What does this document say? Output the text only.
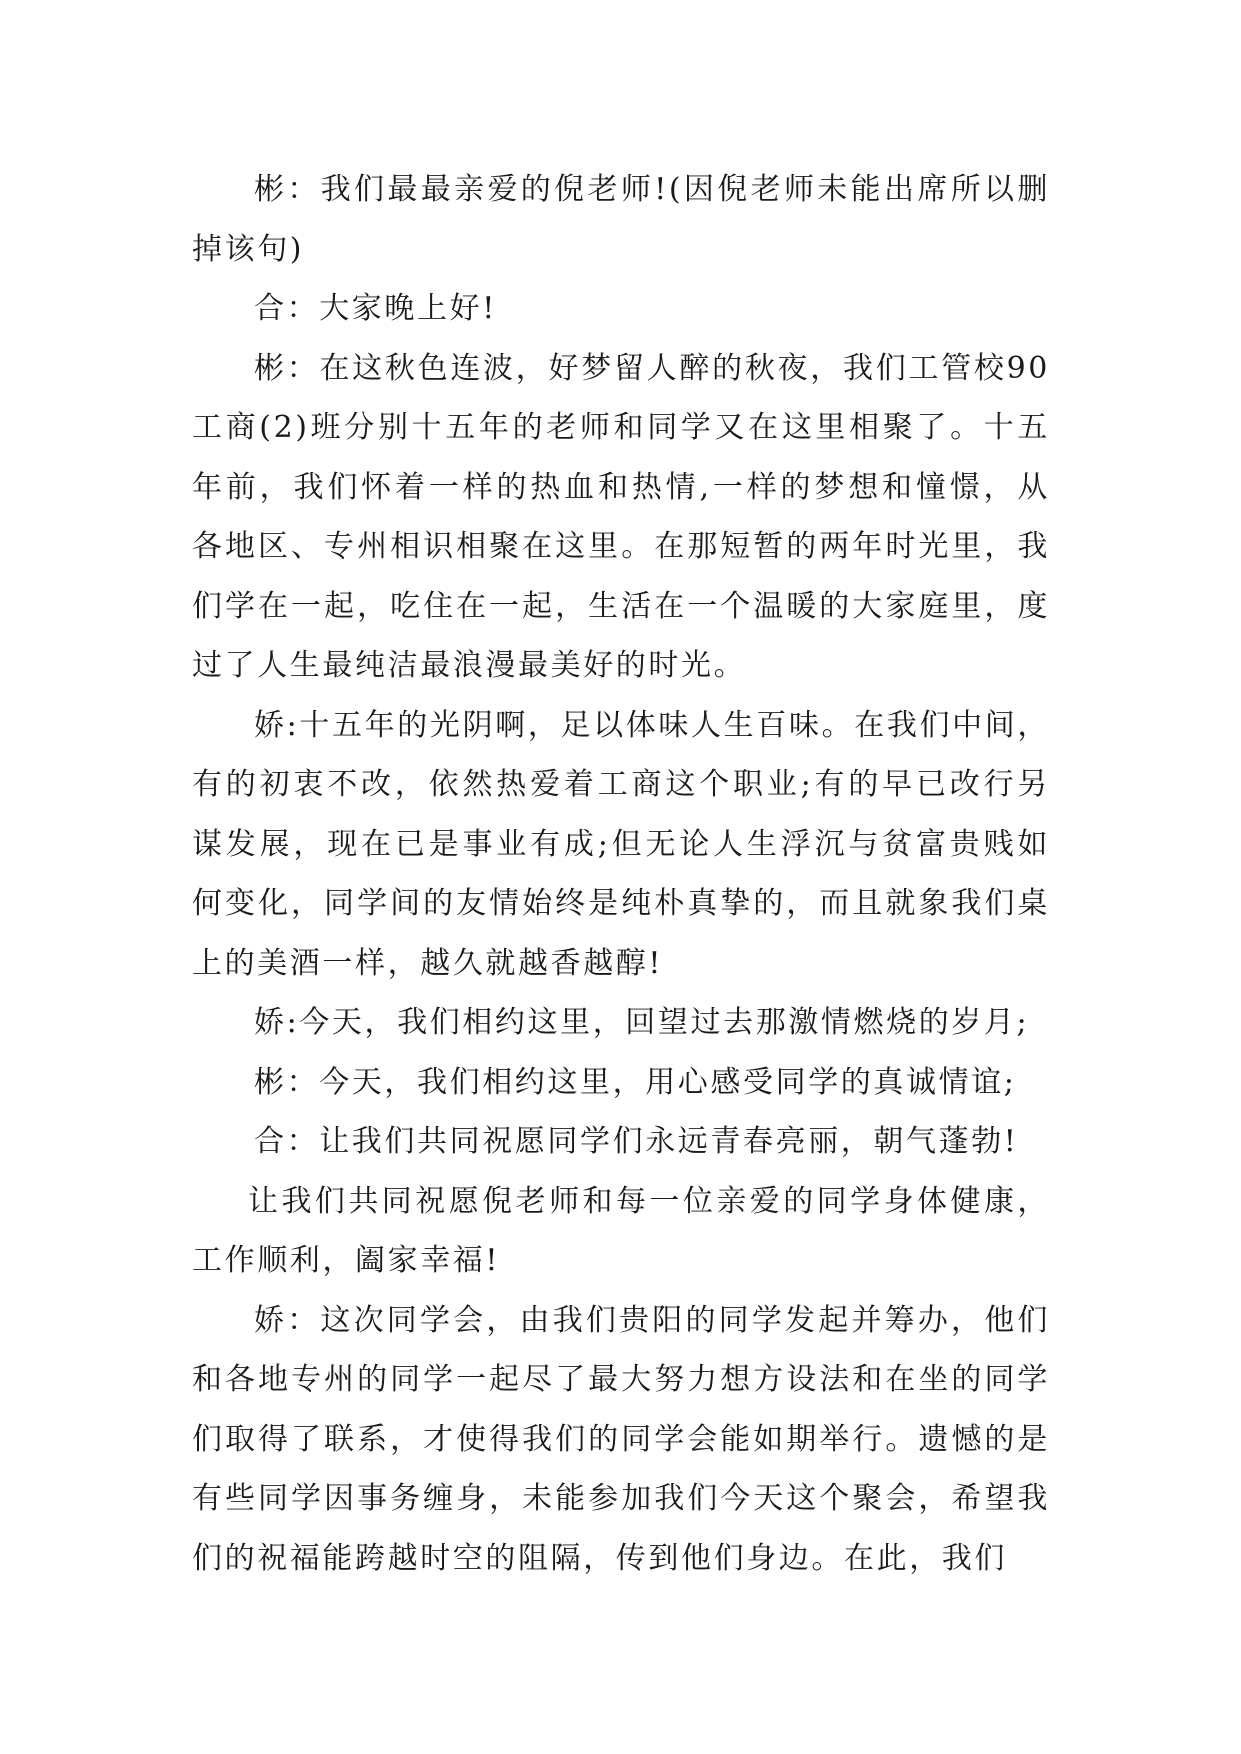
彬：我们最最亲爱的倪老师!(因倪老师未能出席所以删掉该句)

合：大家晚上好!

彬：在这秋色连波，好梦留人醉的秋夜，我们工管校90工商(2)班分别十五年的老师和同学又在这里相聚了。十五年前，我们怀着一样的热血和热情,一样的梦想和憧憬，从各地区、专州相识相聚在这里。在那短暂的两年时光里，我们学在一起，吃住在一起，生活在一个温暖的大家庭里，度过了人生最纯洁最浪漫最美好的时光。

娇:十五年的光阴啊，足以体味人生百味。在我们中间，有的初衷不改，依然热爱着工商这个职业;有的早已改行另谋发展，现在已是事业有成;但无论人生浮沉与贫富贵贱如何变化，同学间的友情始终是纯朴真挚的，而且就象我们桌上的美酒一样，越久就越香越醇!

娇:今天，我们相约这里，回望过去那激情燃烧的岁月;

彬：今天，我们相约这里，用心感受同学的真诚情谊;

合：让我们共同祝愿同学们永远青春亮丽，朝气蓬勃!

让我们共同祝愿倪老师和每一位亲爱的同学身体健康，工作顺利，阖家幸福!

娇：这次同学会，由我们贵阳的同学发起并筹办，他们和各地专州的同学一起尽了最大努力想方设法和在坐的同学们取得了联系，才使得我们的同学会能如期举行。遗憾的是有些同学因事务缠身，未能参加我们今天这个聚会，希望我们的祝福能跨越时空的阻隔，传到他们身边。在此，我们
